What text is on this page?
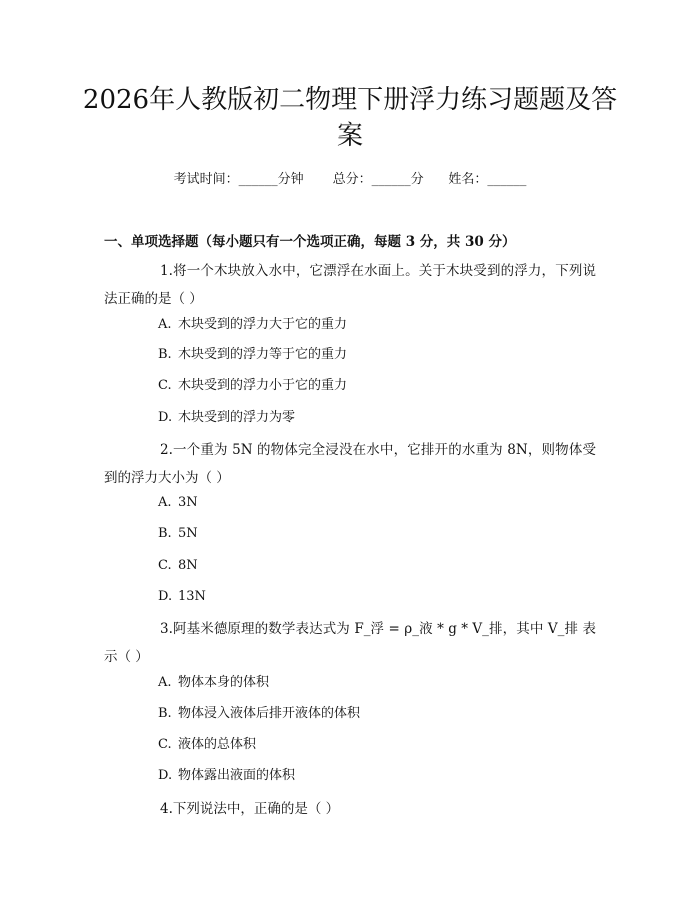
2026年人教版初二物理下册浮力练习题题及答案
考试时间：______分钟 总分：______分 姓名：______
一、单项选择题（每小题只有一个选项正确，每题 3 分，共 30 分）

1.将一个木块放入水中，它漂浮在水面上。关于木块受到的浮力，下列说法正确的是（ ）

A. 木块受到的浮力大于它的重力

B. 木块受到的浮力等于它的重力

C. 木块受到的浮力小于它的重力

D. 木块受到的浮力为零

2.一个重为 5N 的物体完全浸没在水中，它排开的水重为 8N，则物体受到的浮力大小为（ ）

A. 3N

B. 5N

C. 8N

D. 13N

3.阿基米德原理的数学表达式为 F_浮 = ρ_液 * g * V_排，其中 V_排 表示（ ）

A. 物体本身的体积

B. 物体浸入液体后排开液体的体积

C. 液体的总体积

D. 物体露出液面的体积

4.下列说法中，正确的是（ ）
